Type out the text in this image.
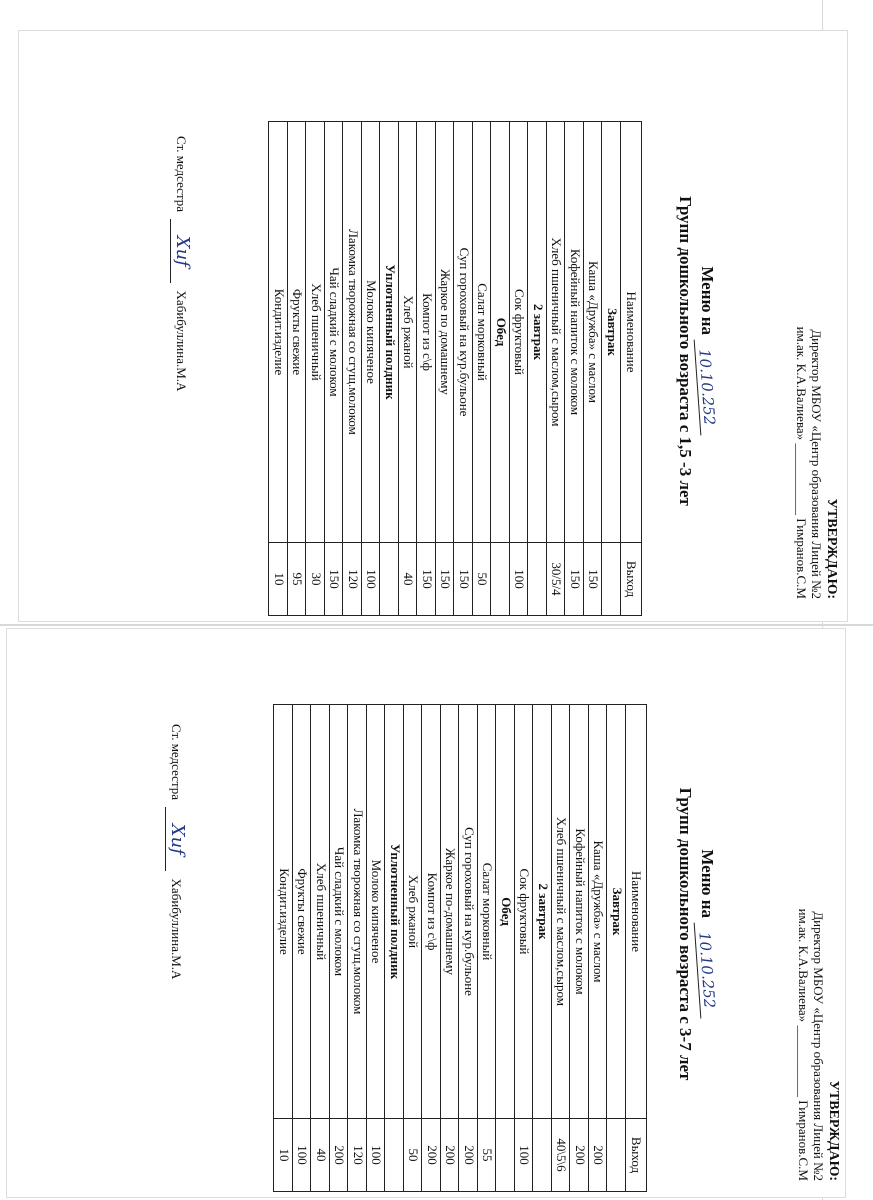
УТВЕРЖДАЮ:
Директор МБОУ «Центр образования Лицей №2
им.ак. К.А.Валиева» ___________ Гимранов.С.М
Меню на 10.10.252
Групп дошкольного возраста с 1,5 -3 лет
Наименование	Выход
Завтрак	
Каша «Дружба» с маслом	150
Кофейный напиток с молоком	150
Хлеб пшеничный с маслом,сыром	30/5/4
2 завтрак	
Сок фруктовый	100
Обед	
Салат морковный	50
Суп гороховый на кур.бульоне	150
Жаркое по домашнему	150
Компот из с\ф	150
Хлеб ржаной	40
Уплотненный полдник	
Молоко кипяченое	100
Лакомка творожная со сгущ.молоком	120
Чай сладкий с молоком	150
Хлеб пшеничный	30
Фрукты свежие	95
Кондит.изделие	10
Ст. медсестра Хиf Хабибуллина.М.А
УТВЕРЖДАЮ:
Директор МБОУ «Центр образования Лицей №2
им.ак. К.А.Валиева» ___________ Гимранов.С.М
Меню на 10.10.252
Групп дошкольного возраста с 3-7 лет
Наименование	Выход
Завтрак	
Каша «Дружба» с маслом	200
Кофейный напиток с молоком	200
Хлеб пшеничный с маслом,сыром	40\5\6
2 завтрак	
Сок фруктовый	100
Обед	
Салат морковный	55
Суп гороховый на кур.бульоне	200
Жаркое по-домашнему	200
Компот из с\ф	200
Хлеб ржаной	50
Уплотненный полдник	
Молоко кипяченое	100
Лакомка творожная со сгущ.молоком	120
Чай сладкий с молоком	200
Хлеб пшеничный	40
Фрукты свежие	100
Кондит.изделие	10
Ст. медсестра Хиf Хабибуллина.М.А
